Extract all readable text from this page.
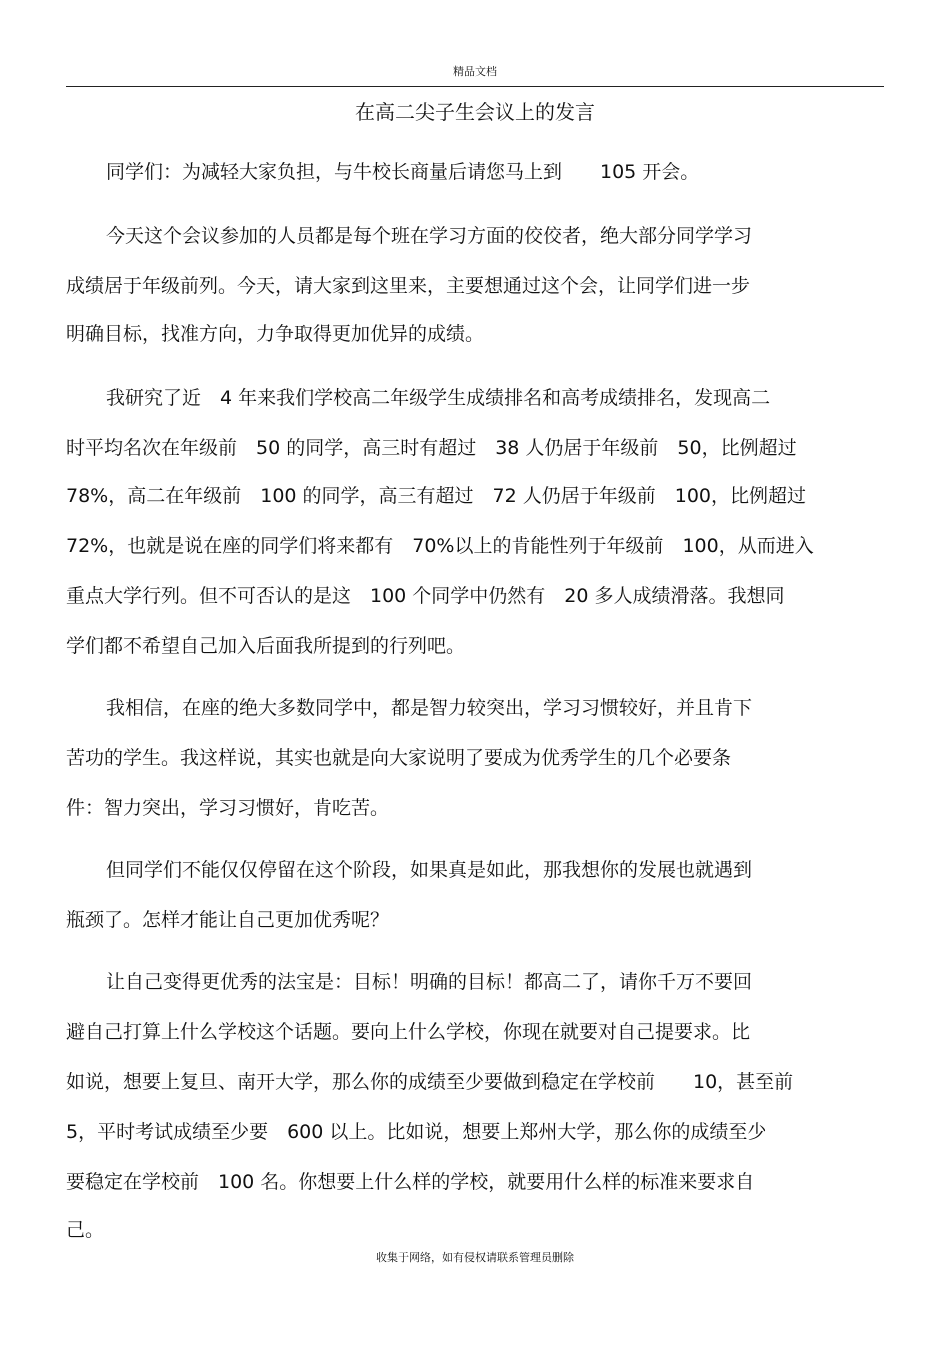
精品文档
在高二尖子生会议上的发言
同学们：为减轻大家负担，与牛校长商量后请您马上到　　105 开会。
今天这个会议参加的人员都是每个班在学习方面的佼佼者，绝大部分同学学习
成绩居于年级前列。今天，请大家到这里来，主要想通过这个会，让同学们进一步
明确目标，找准方向，力争取得更加优异的成绩。
我研究了近　4 年来我们学校高二年级学生成绩排名和高考成绩排名，发现高二
时平均名次在年级前　50 的同学，高三时有超过　38 人仍居于年级前　50，比例超过
78%，高二在年级前　100 的同学，高三有超过　72 人仍居于年级前　100，比例超过
72%，也就是说在座的同学们将来都有　70%以上的肯能性列于年级前　100，从而进入
重点大学行列。但不可否认的是这　100 个同学中仍然有　20 多人成绩滑落。我想同
学们都不希望自己加入后面我所提到的行列吧。
我相信，在座的绝大多数同学中，都是智力较突出，学习习惯较好，并且肯下
苦功的学生。我这样说，其实也就是向大家说明了要成为优秀学生的几个必要条
件：智力突出，学习习惯好，肯吃苦。
但同学们不能仅仅停留在这个阶段，如果真是如此，那我想你的发展也就遇到
瓶颈了。怎样才能让自己更加优秀呢？
让自己变得更优秀的法宝是：目标！明确的目标！都高二了，请你千万不要回
避自己打算上什么学校这个话题。要向上什么学校，你现在就要对自己提要求。比
如说，想要上复旦、南开大学，那么你的成绩至少要做到稳定在学校前　　10，甚至前
5，平时考试成绩至少要　600 以上。比如说，想要上郑州大学，那么你的成绩至少
要稳定在学校前　100 名。你想要上什么样的学校，就要用什么样的标准来要求自
己。
收集于网络，如有侵权请联系管理员删除
